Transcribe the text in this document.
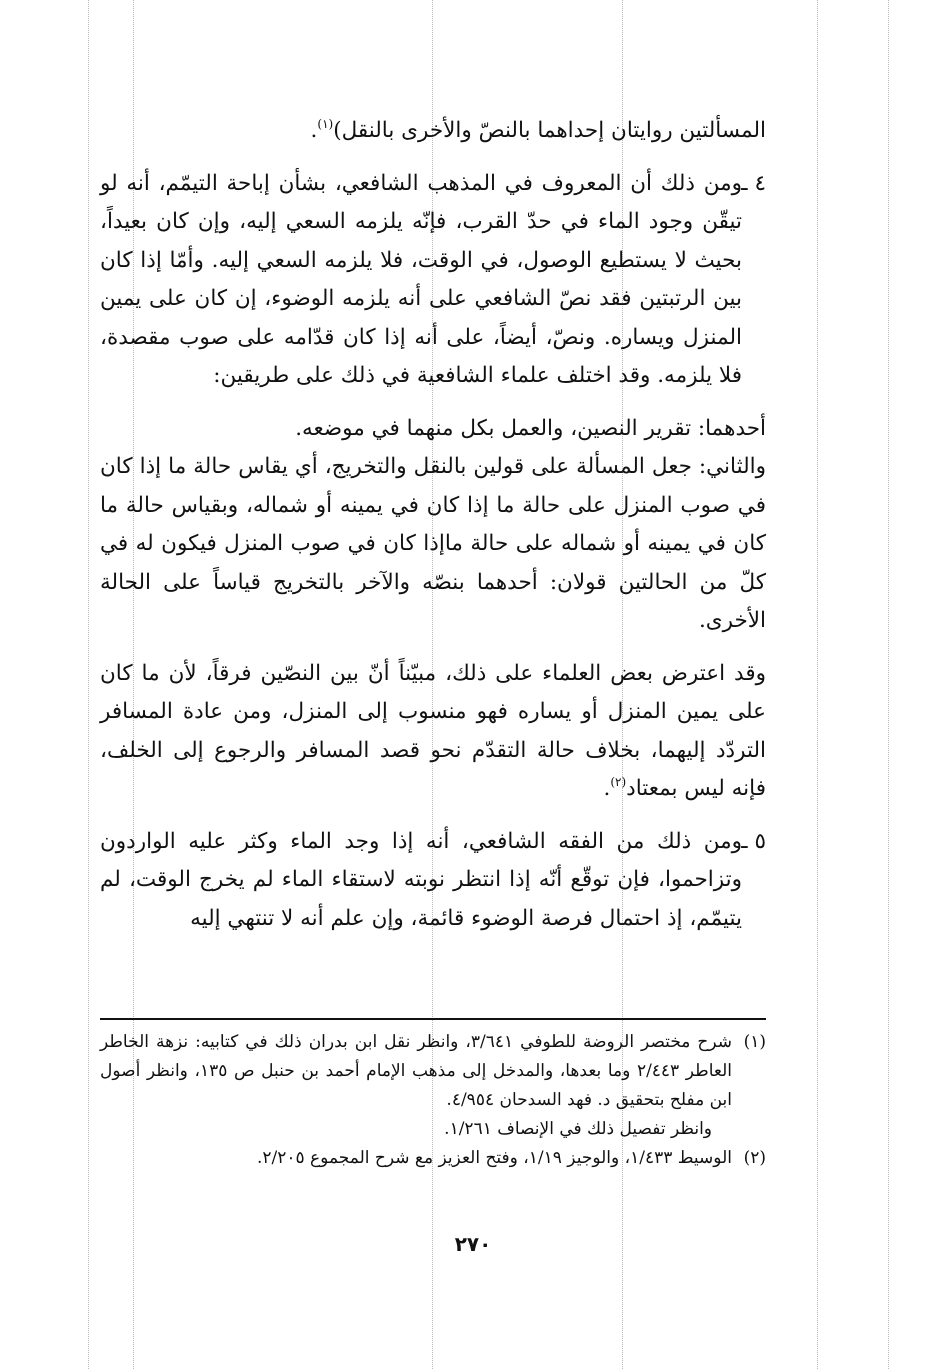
المسألتين روايتان إحداهما بالنصّ والأخرى بالنقل)$^{(١)}$.

٤ ـ
ومن ذلك أن المعروف في المذهب الشافعي، بشأن إباحة التيمّم، أنه لو تيقّن وجود الماء في حدّ القرب، فإنّه يلزمه السعي إليه، وإن كان بعيداً، بحيث لا يستطيع الوصول، في الوقت، فلا يلزمه السعي إليه. وأمّا إذا كان بين الرتبتين فقد نصّ الشافعي على أنه يلزمه الوضوء، إن كان على يمين المنزل ويساره. ونصّ، أيضاً، على أنه إذا كان قدّامه على صوب مقصدة، فلا يلزمه. وقد اختلف علماء الشافعية في ذلك على طريقين:

أحدهما: تقرير النصين، والعمل بكل منهما في موضعه.

والثاني: جعل المسألة على قولين بالنقل والتخريج، أي يقاس حالة ما إذا كان في صوب المنزل على حالة ما إذا كان في يمينه أو شماله، وبقياس حالة ما كان في يمينه أو شماله على حالة ماإذا كان في صوب المنزل فيكون له في كلّ من الحالتين قولان: أحدهما بنصّه والآخر بالتخريج قياساً على الحالة الأخرى.

وقد اعترض بعض العلماء على ذلك، مبيّناً أنّ بين النصّين فرقاً، لأن ما كان على يمين المنزل أو يساره فهو منسوب إلى المنزل، ومن عادة المسافر التردّد إليهما، بخلاف حالة التقدّم نحو قصد المسافر والرجوع إلى الخلف، فإنه ليس بمعتاد$^{(٢)}$.

٥ ـ
ومن ذلك من الفقه الشافعي، أنه إذا وجد الماء وكثر عليه الواردون وتزاحموا، فإن توقّع أنّه إذا انتظر نوبته لاستقاء الماء لم يخرج الوقت، لم يتيمّم، إذ احتمال فرصة الوضوء قائمة، وإن علم أنه لا تنتهي إليه

(١)
شرح مختصر الروضة للطوفي ٣/٦٤١، وانظر نقل ابن بدران ذلك في كتابيه: نزهة الخاطر العاطر ٢/٤٤٣ وما بعدها، والمدخل إلى مذهب الإمام أحمد بن حنبل ص ١٣٥، وانظر أصول ابن مفلح بتحقيق د. فهد السدحان ٤/٩٥٤.

وانظر تفصيل ذلك في الإنصاف ١/٢٦١.

(٢)
الوسيط ١/٤٣٣، والوجيز ١/١٩، وفتح العزيز مع شرح المجموع ٢/٢٠٥.

٢٧٠
